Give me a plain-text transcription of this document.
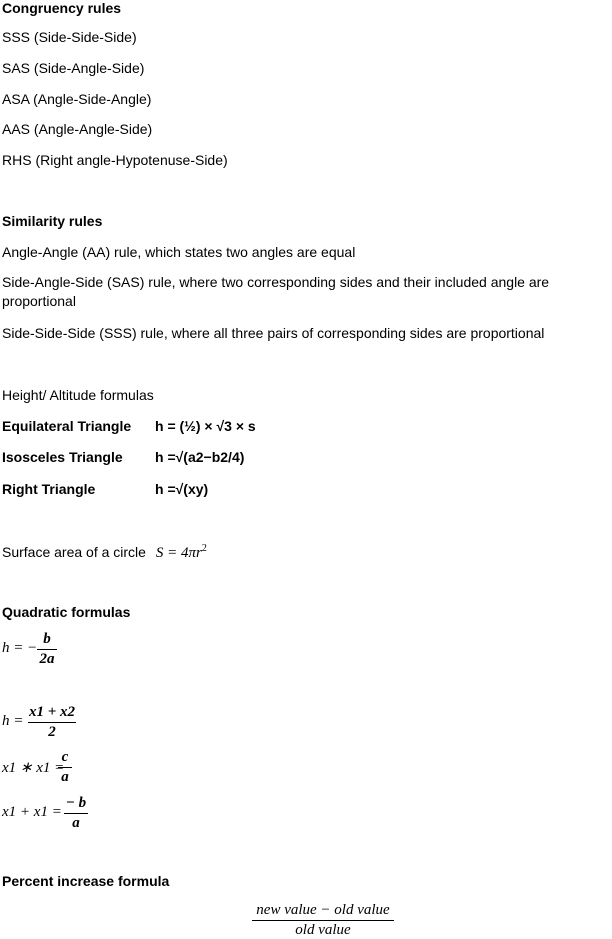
Congruency rules
SSS (Side-Side-Side)
SAS (Side-Angle-Side)
ASA (Angle-Side-Angle)
AAS (Angle-Angle-Side)
RHS (Right angle-Hypotenuse-Side)
Similarity rules
Angle-Angle (AA) rule, which states two angles are equal
Side-Angle-Side (SAS) rule, where two corresponding sides and their included angle are proportional
Side-Side-Side (SSS) rule, where all three pairs of corresponding sides are proportional
Height/ Altitude formulas
Equilateral Triangle	h = (½) × √3 × s
Isosceles Triangle	h =√(a2−b2/4)
Right Triangle	h =√(xy)
Surface area of a circle $S = 4\pi r^2$
Quadratic formulas
h = −
b
2a
h =
x1 + x2
2
x1 ∗ x1 =
c
a
x1 + x1 =
− b
a
Percent increase formula
new value − old value
old value
